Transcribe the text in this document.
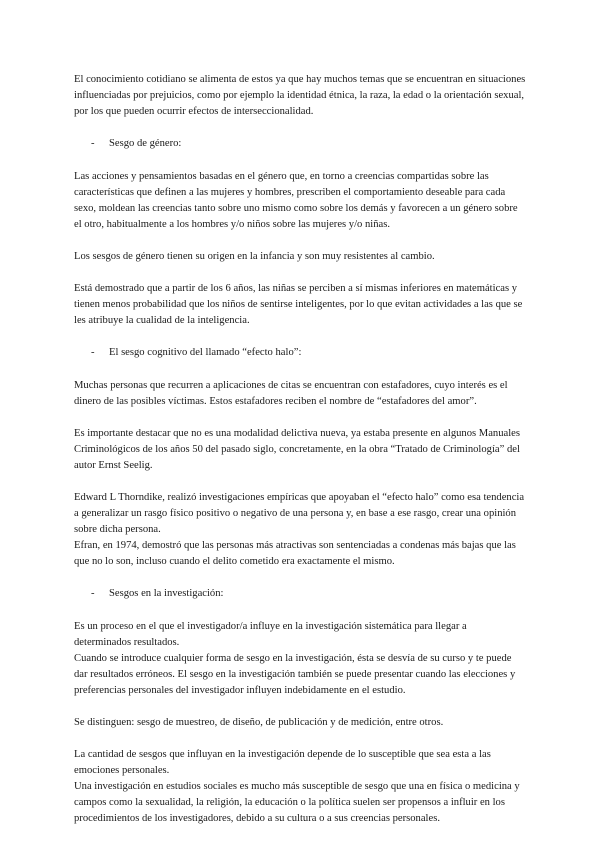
El conocimiento cotidiano se alimenta de estos ya que hay muchos temas que se encuentran en situaciones influenciadas por prejuicios, como por ejemplo la identidad étnica, la raza, la edad o la orientación sexual, por los que pueden ocurrir efectos de interseccionalidad.

-	Sesgo de género:

Las acciones y pensamientos basadas en el género que, en torno a creencias compartidas sobre las características que definen a las mujeres y hombres, prescriben el comportamiento deseable para cada sexo, moldean las creencias tanto sobre uno mismo como sobre los demás y favorecen a un género sobre el otro, habitualmente a los hombres y/o niños sobre las mujeres y/o niñas.

Los sesgos de género tienen su origen en la infancia y son muy resistentes al cambio.

Está demostrado que a partir de los 6 años, las niñas se perciben a sí mismas inferiores en matemáticas y tienen menos probabilidad que los niños de sentirse inteligentes, por lo que evitan actividades a las que se les atribuye la cualidad de la inteligencia.

-	El sesgo cognitivo del llamado “efecto halo”:

Muchas personas que recurren a aplicaciones de citas se encuentran con estafadores, cuyo interés es el dinero de las posibles víctimas. Estos estafadores reciben el nombre de “estafadores del amor”.

Es importante destacar que no es una modalidad delictiva nueva, ya estaba presente en algunos Manuales Criminológicos de los años 50 del pasado siglo, concretamente, en la obra “Tratado de Criminología” del autor Ernst Seelig.

Edward L Thorndike, realizó investigaciones empíricas que apoyaban el “efecto halo” como esa tendencia a generalizar un rasgo físico positivo o negativo de una persona y, en base a ese rasgo, crear una opinión sobre dicha persona.

Efran, en 1974, demostró que las personas más atractivas son sentenciadas a condenas más bajas que las que no lo son, incluso cuando el delito cometido era exactamente el mismo.

-	Sesgos en la investigación:

Es un proceso en el que el investigador/a influye en la investigación sistemática para llegar a determinados resultados.

Cuando se introduce cualquier forma de sesgo en la investigación, ésta se desvía de su curso y te puede dar resultados erróneos. El sesgo en la investigación también se puede presentar cuando las elecciones y preferencias personales del investigador influyen indebidamente en el estudio.

Se distinguen: sesgo de muestreo, de diseño, de publicación y de medición, entre otros.

La cantidad de sesgos que influyan en la investigación depende de lo susceptible que sea esta a las emociones personales.

Una investigación en estudios sociales es mucho más susceptible de sesgo que una en física o medicina y campos como la sexualidad, la religión, la educación o la política suelen ser propensos a influir en los procedimientos de los investigadores, debido a su cultura o a sus creencias personales.
